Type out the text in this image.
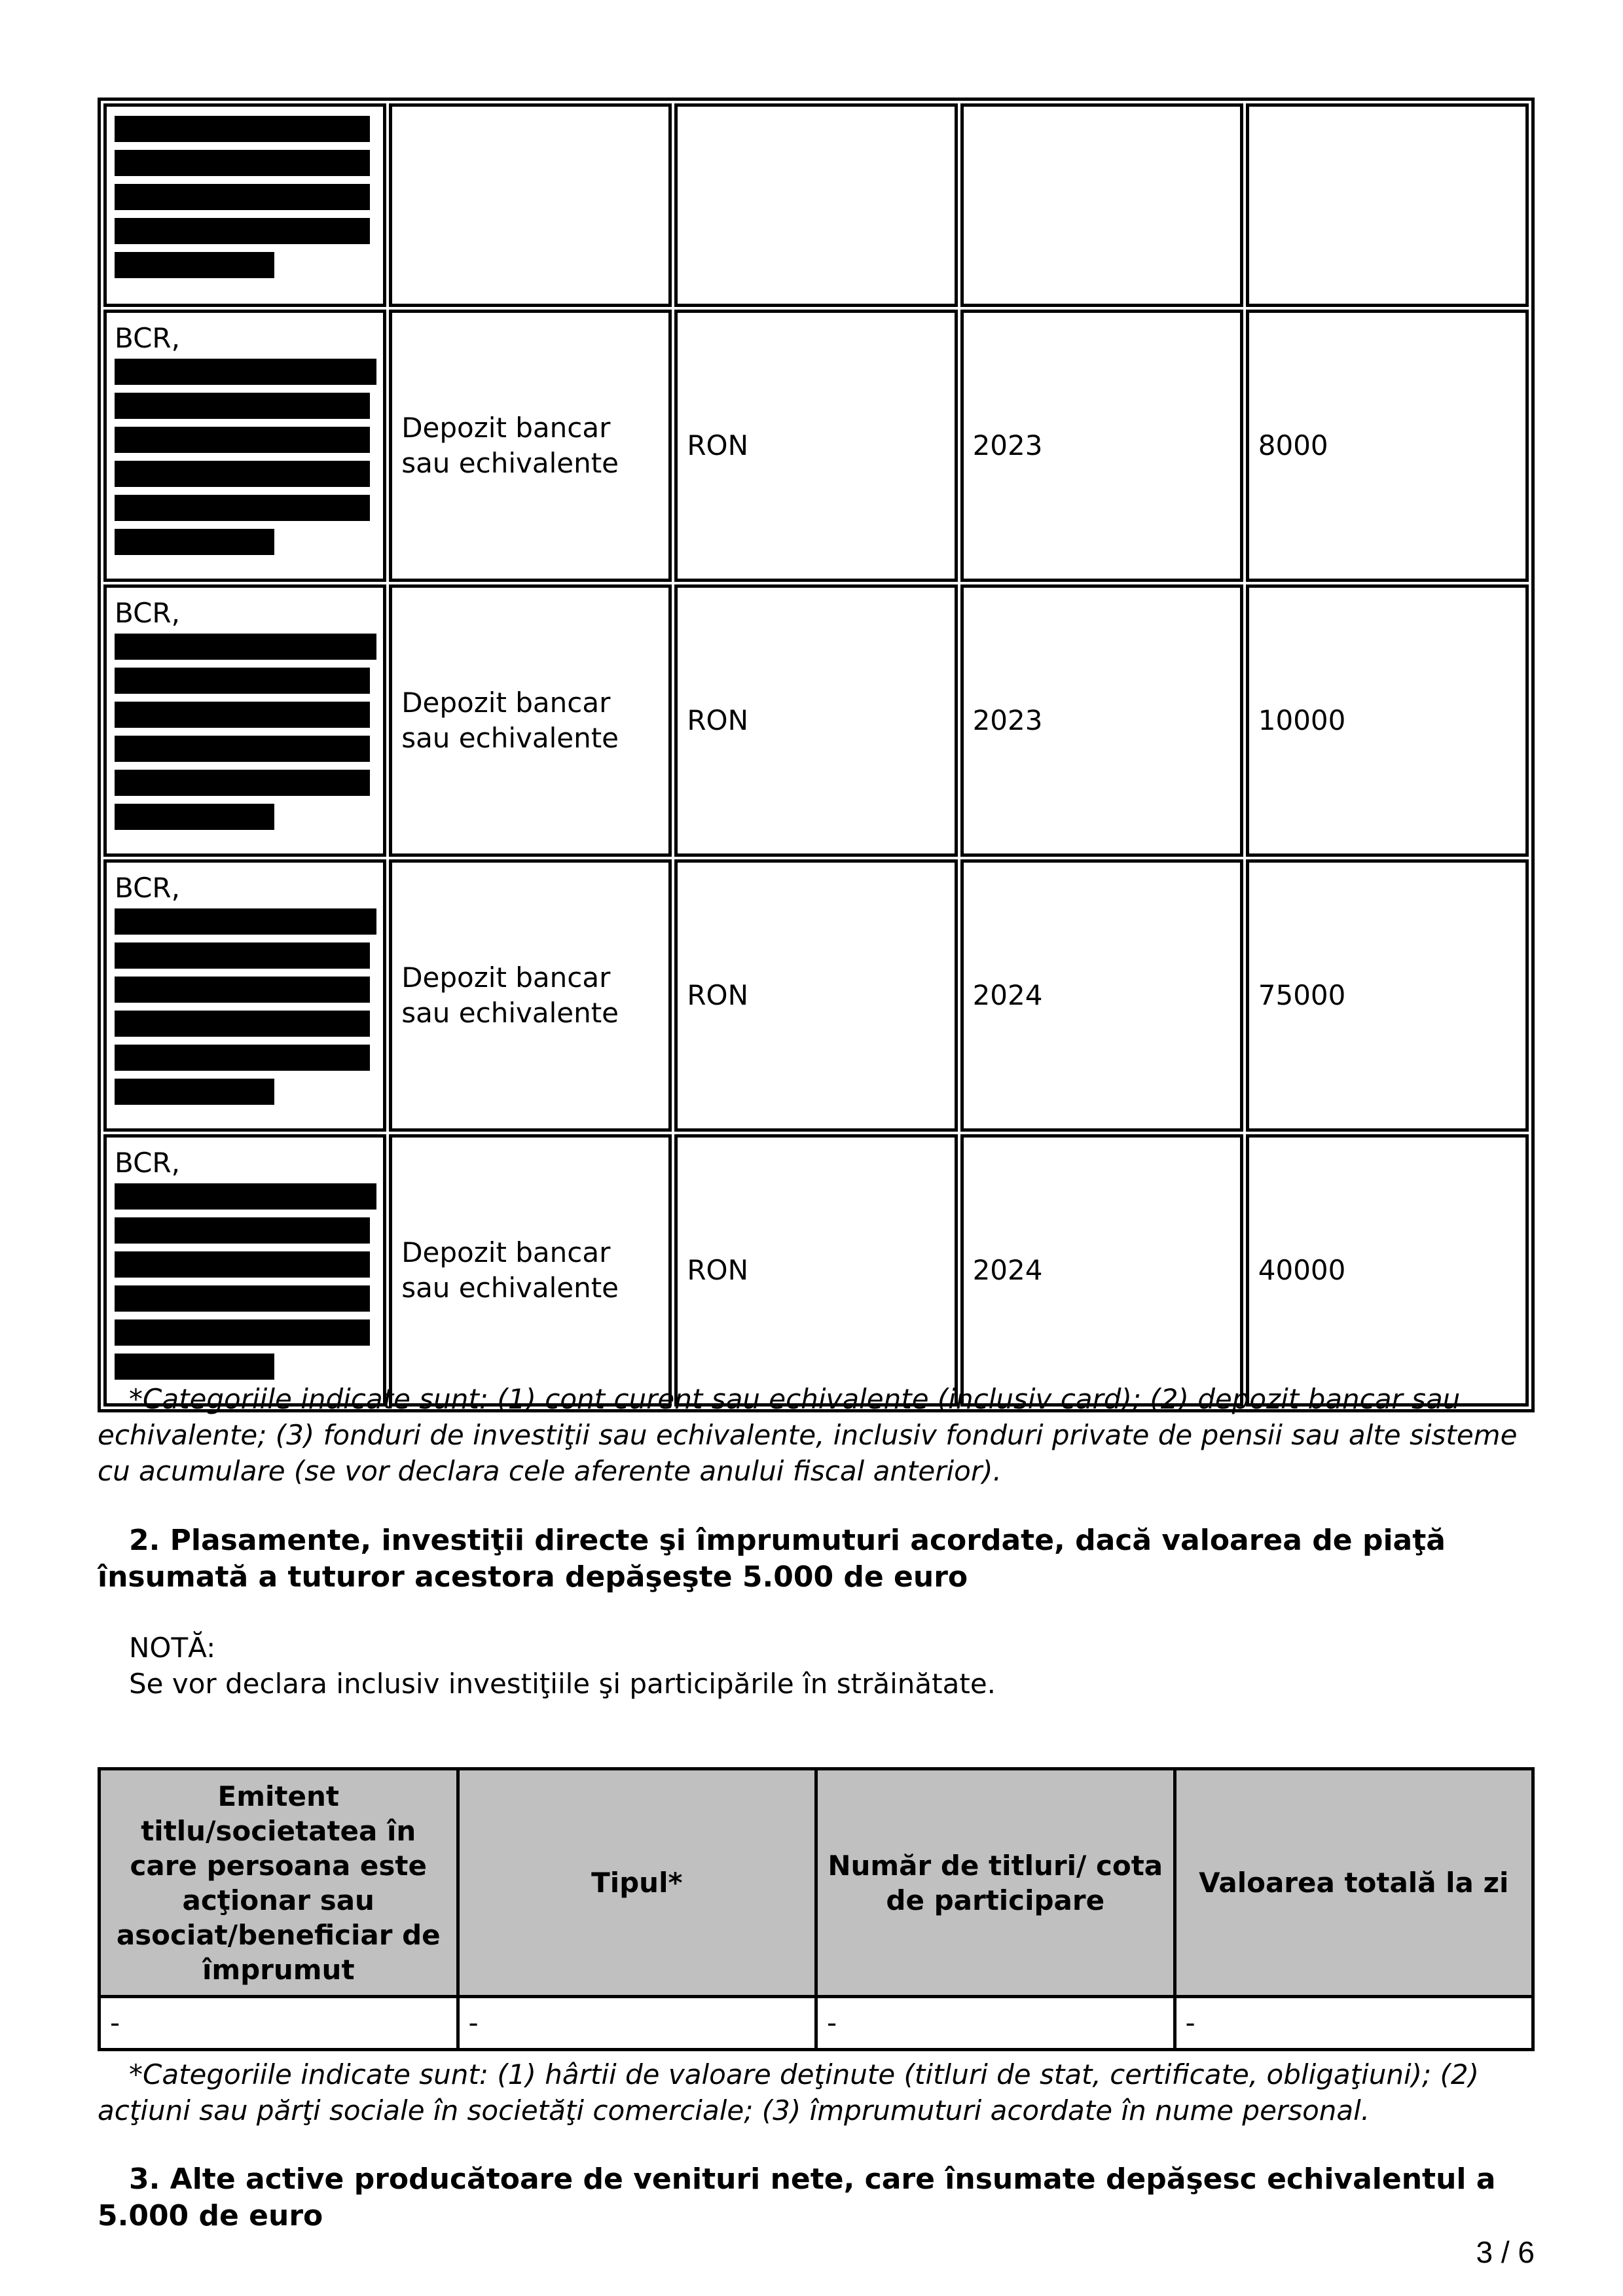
BCR,	Depozit bancar sau echivalente	RON	2023	8000

BCR,	Depozit bancar sau echivalente	RON	2023	10000

BCR,	Depozit bancar sau echivalente	RON	2024	75000

BCR,	Depozit bancar sau echivalente	RON	2024	40000
*Categoriile indicate sunt: (1) cont curent sau echivalente (inclusiv card); (2) depozit bancar sau echivalente; (3) fonduri de investiţii sau echivalente, inclusiv fonduri private de pensii sau alte sisteme cu acumulare (se vor declara cele aferente anului fiscal anterior).
2. Plasamente, investiţii directe şi împrumuturi acordate, dacă valoarea de piaţă însumată a tuturor acestora depăşeşte 5.000 de euro
NOTĂ:
Se vor declara inclusiv investiţiile şi participările în străinătate.
Emitent titlu/societatea în care persoana este acţionar sau asociat/beneficiar de împrumut	Tipul*	Număr de titluri/ cota de participare	Valoarea totală la zi
-	-	-	-
*Categoriile indicate sunt: (1) hârtii de valoare deţinute (titluri de stat, certificate, obligaţiuni); (2) acţiuni sau părţi sociale în societăţi comerciale; (3) împrumuturi acordate în nume personal.
3. Alte active producătoare de venituri nete, care însumate depăşesc echivalentul a 5.000 de euro
3 / 6
